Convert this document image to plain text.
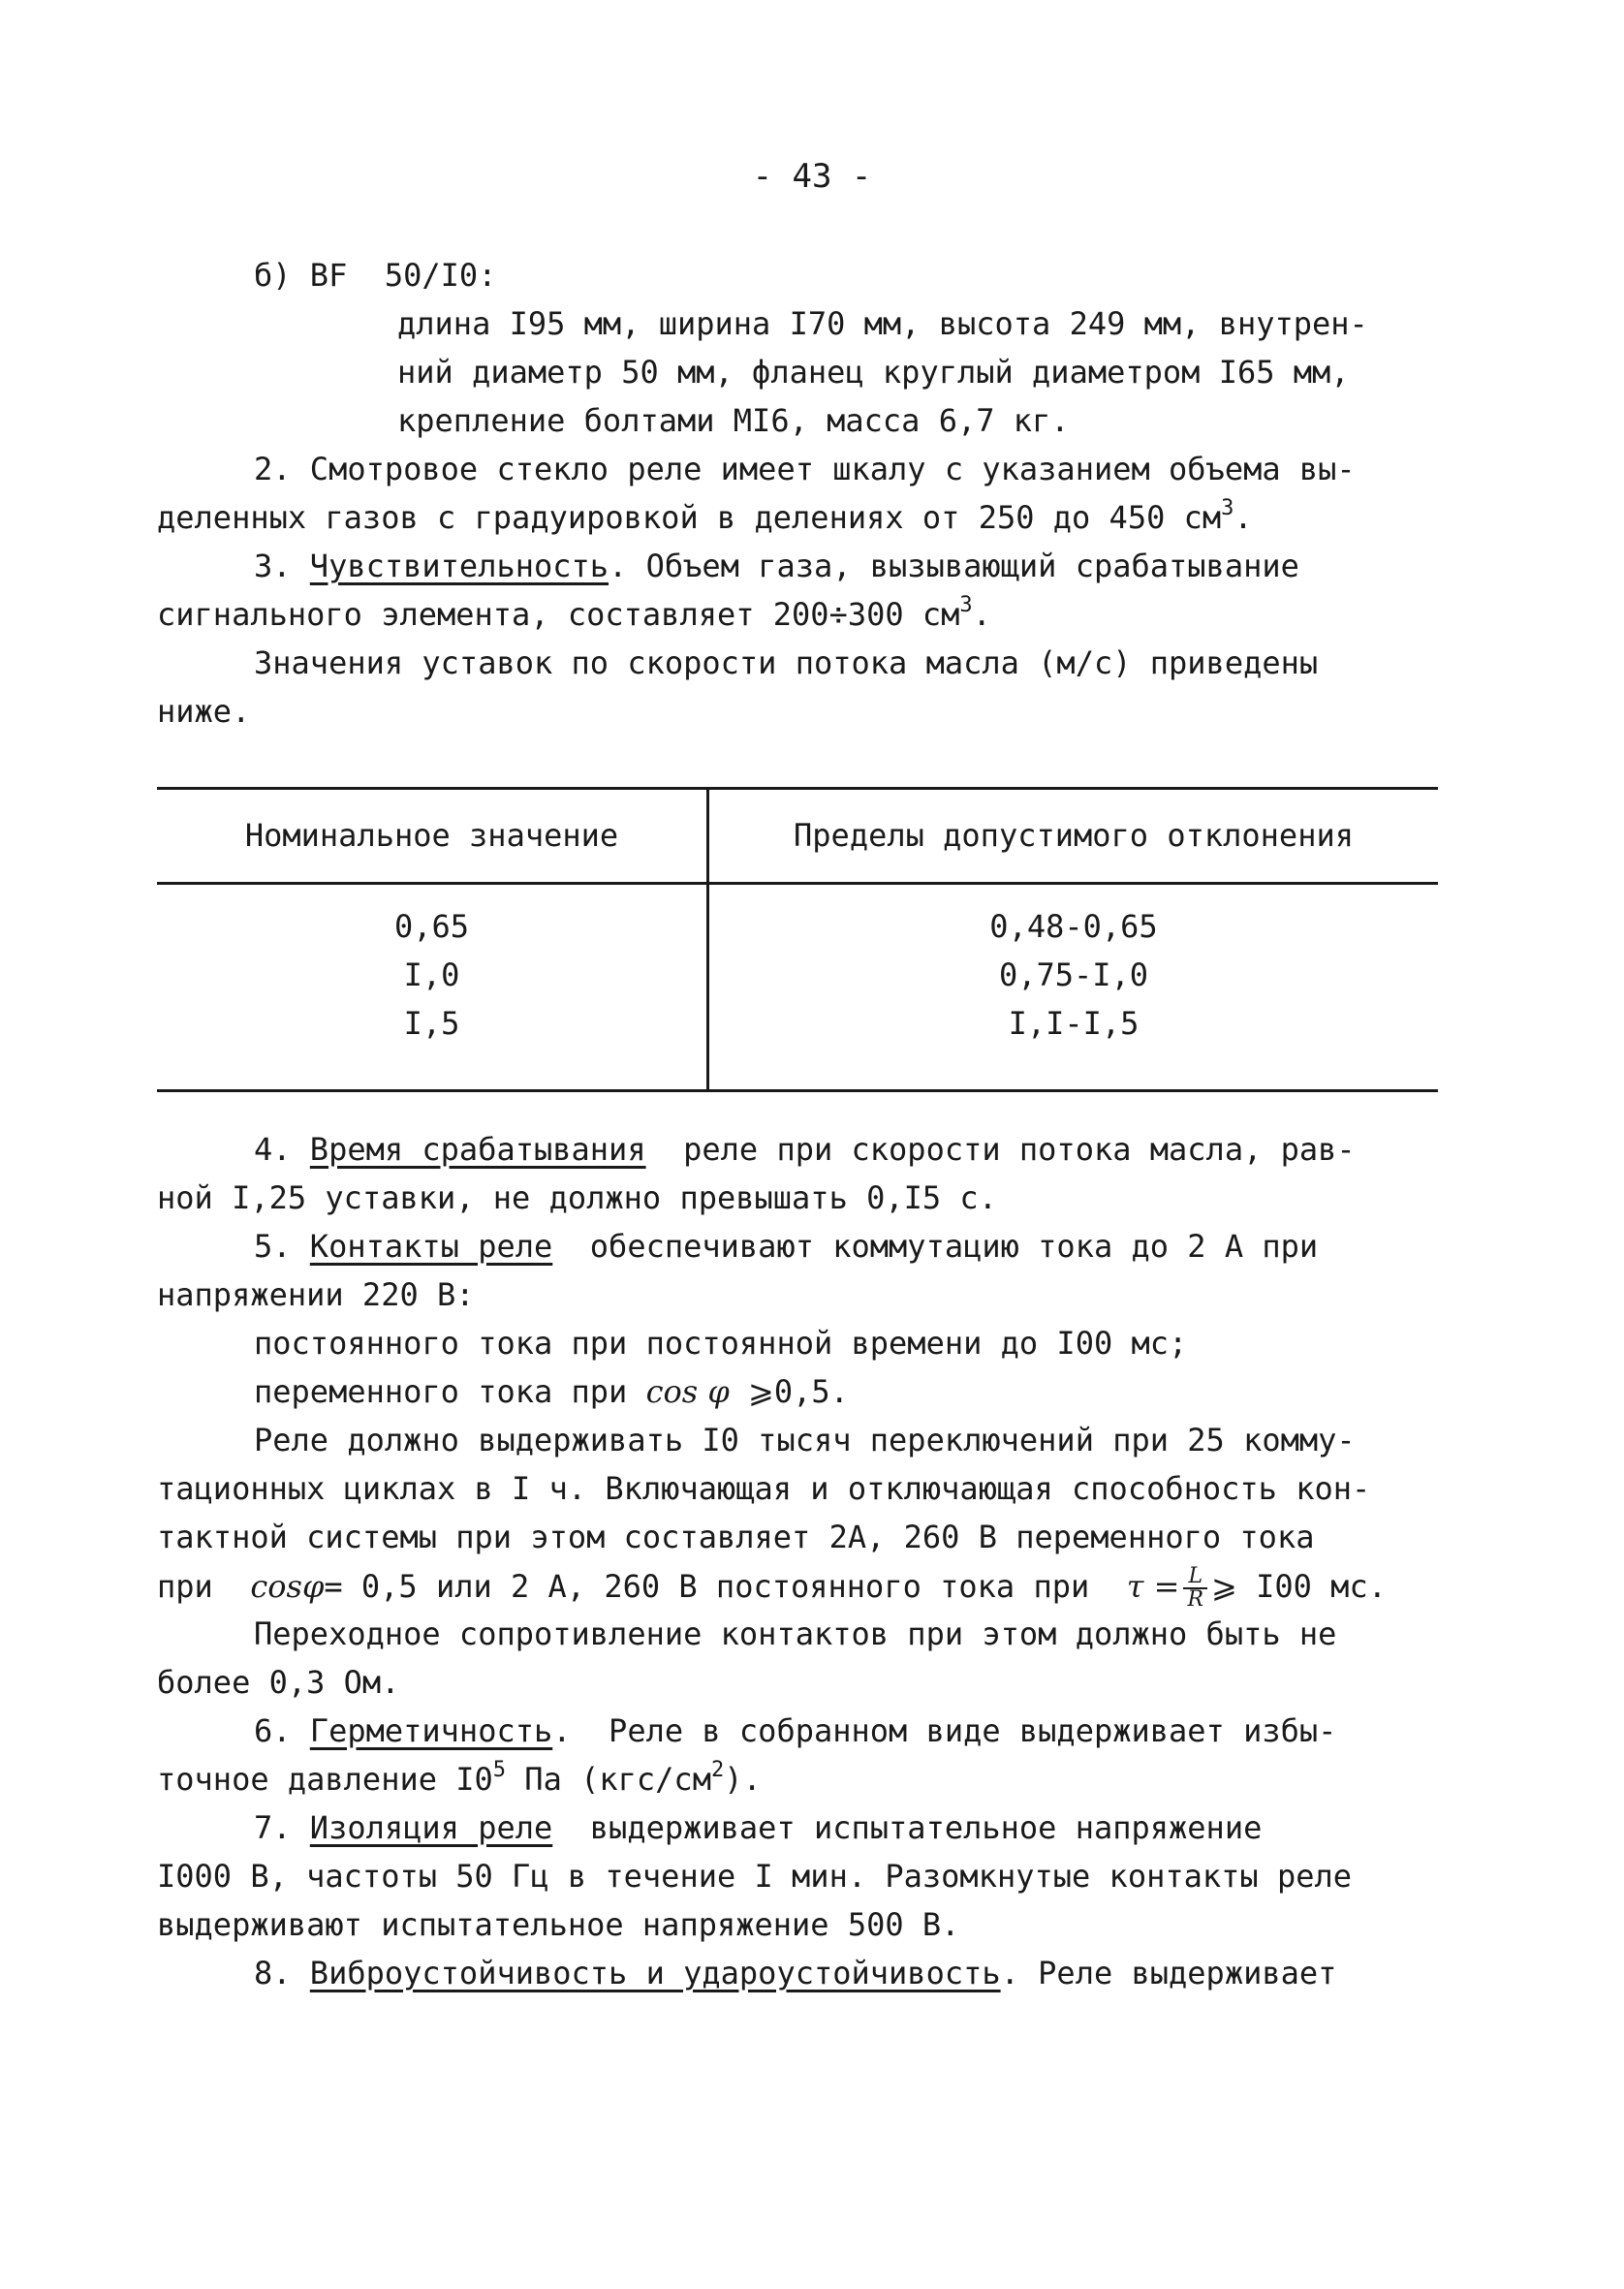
- 43 -
б) BF 50/I0:
длина I95 мм, ширина I70 мм, высота 249 мм, внутрен-
ний диаметр 50 мм, фланец круглый диаметром I65 мм,
крепление болтами MI6, масса 6,7 кг.
2. Смотровое стекло реле имеет шкалу с указанием объема вы-
деленных газов с градуировкой в делениях от 250 до 450 $см^3$.
3. Чувствительность. Объем газа, вызывающий срабатывание
сигнального элемента, составляет 200÷300 $см^3$.
Значения уставок по скорости потока масла (м/с) приведены
ниже.
Номинальное значение	Пределы допустимого отклонения
0,65	0,48-0,65
I,0	0,75-I,0
I,5	I,I-I,5
4. Время срабатывания  реле при скорости потока масла, рав-
ной I,25 уставки, не должно превышать 0,I5 с.
5. Контакты реле  обеспечивают коммутацию тока до 2 А при
напряжении 220 В:
постоянного тока при постоянной времени до I00 мс;
переменного тока при cos φ ⩾0,5.
Реле должно выдерживать I0 тысяч переключений при 25 комму-
тационных циклах в I ч. Включающая и отключающая способность кон-
тактной системы при этом составляет 2А, 260 В переменного тока
при  cosφ= 0,5 или 2 А, 260 В постоянного тока при  $\tau = \frac{L}{R}$ ⩾ I00 мс.
Переходное сопротивление контактов при этом должно быть не
более 0,3 Ом.
6. Герметичность.  Реле в собранном виде выдерживает избы-
точное давление $I0^5$ Па $(кгс/см^2)$.
7. Изоляция реле  выдерживает испытательное напряжение
I000 В, частоты 50 Гц в течение I мин. Разомкнутые контакты реле
выдерживают испытательное напряжение 500 В.
8. Виброустойчивость и удароустойчивость. Реле выдерживает
